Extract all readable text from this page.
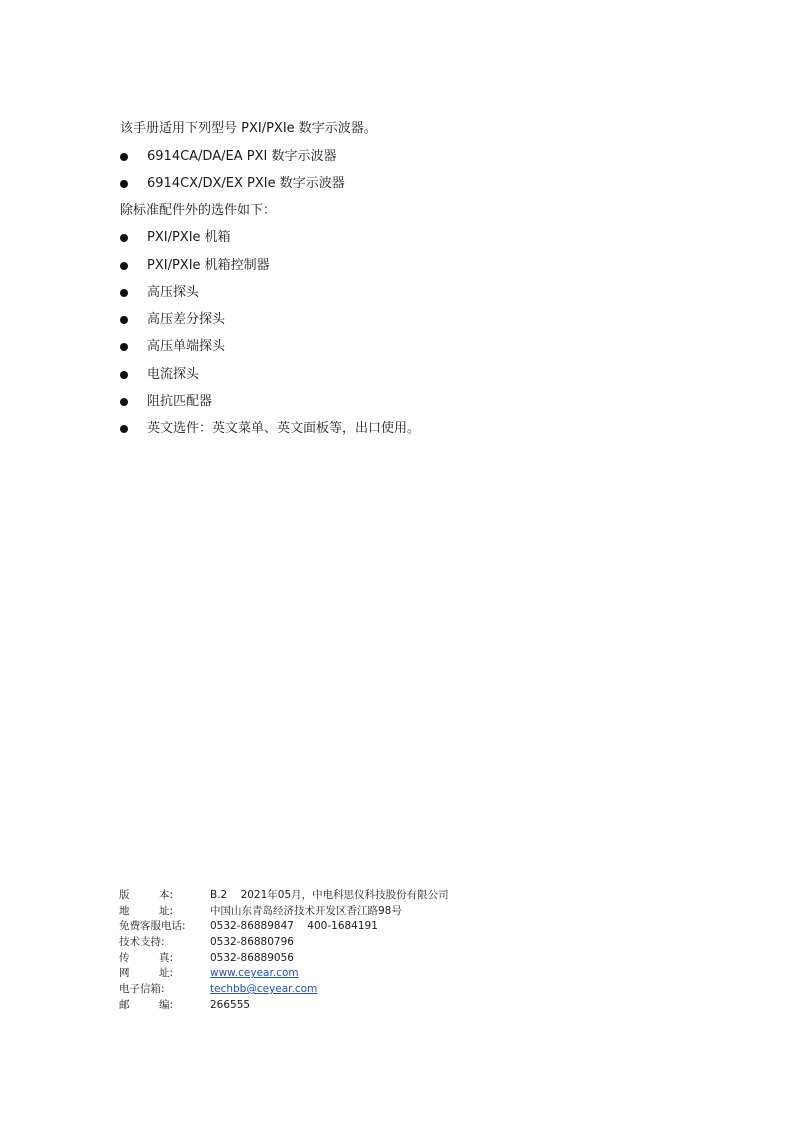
该手册适用下列型号 PXI/PXIe 数字示波器。
6914CA/DA/EA PXI 数字示波器
6914CX/DX/EX PXIe 数字示波器
除标准配件外的选件如下：
PXI/PXIe 机箱
PXI/PXIe 机箱控制器
高压探头
高压差分探头
高压单端探头
电流探头
阻抗匹配器
英文选件：英文菜单、英文面板等，出口使用。
版	本:	B.2    2021年05月，中电科思仪科技股份有限公司
地	址:	中国山东青岛经济技术开发区香江路98号
免费客服电话:	0532-86889847    400-1684191
技术支持:	0532-86880796
传	真:	0532-86889056
网	址:	www.ceyear.com
电子信箱:	techbb@ceyear.com
邮	编:	266555
